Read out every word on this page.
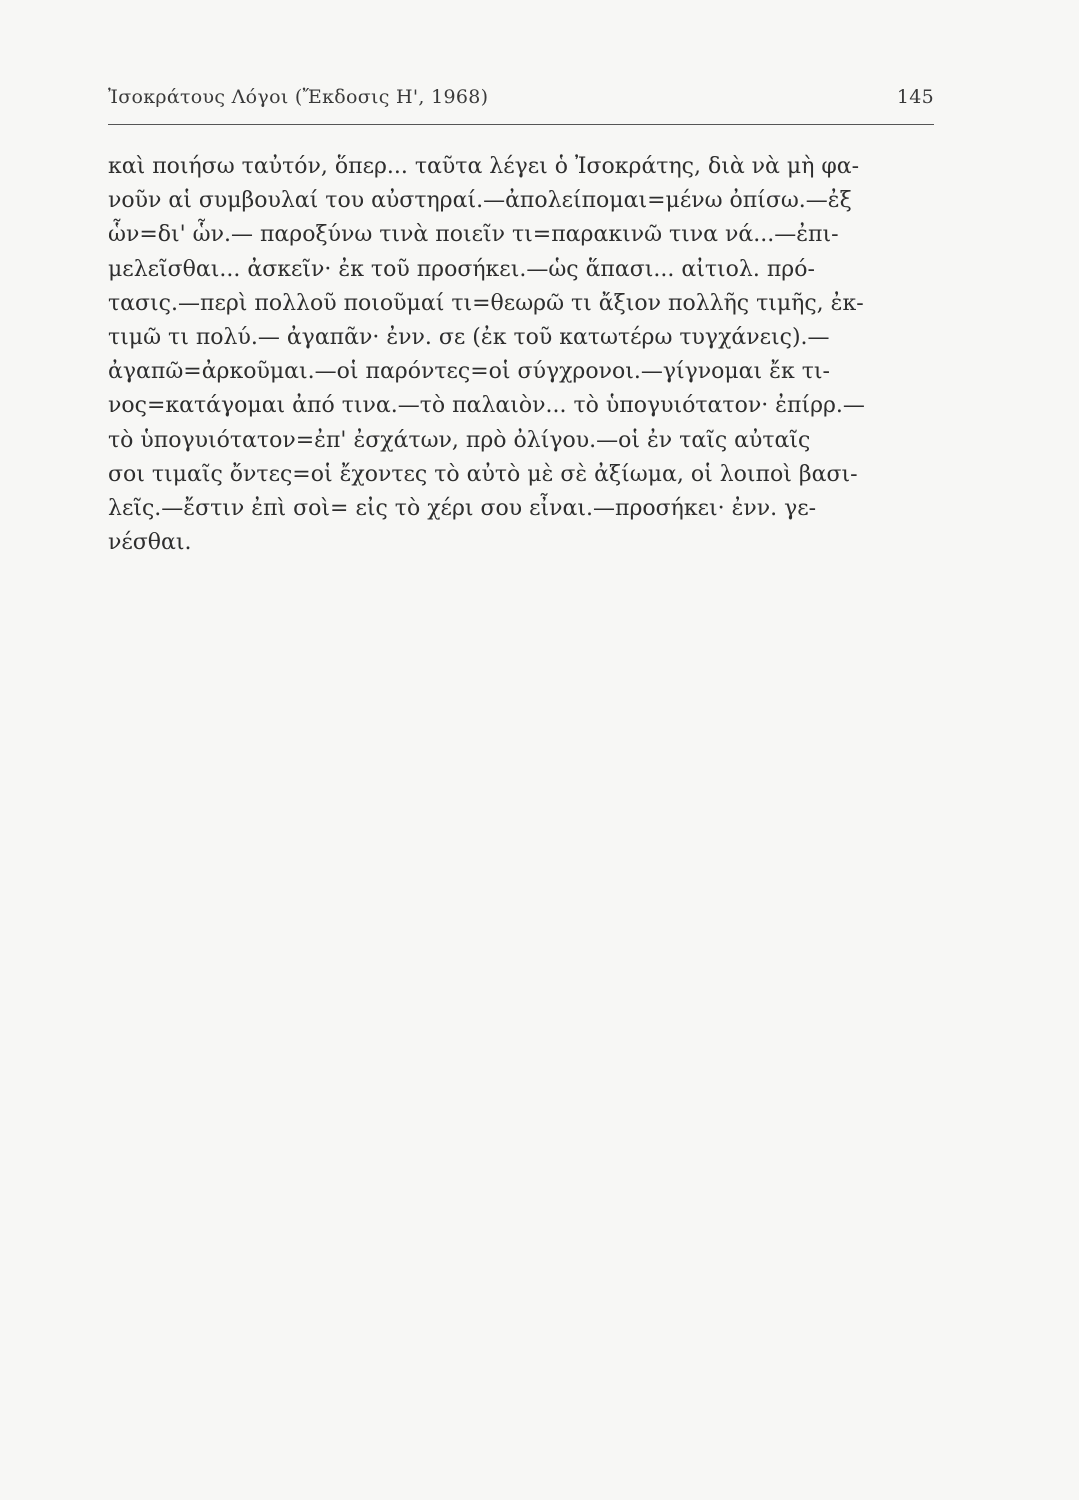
Ἰσοκράτους Λόγοι (Ἔκδοσις Η', 1968)	145
καὶ ποιήσω ταὐτόν, ὅπερ... ταῦτα λέγει ὁ Ἰσοκράτης, διὰ νὰ μὴ φα-
νοῦν αἱ συμβουλαί του αὐστηραί.—ἀπολείπομαι=μένω ὀπίσω.—ἐξ
ὧν=δι' ὧν.— παροξύνω τινὰ ποιεῖν τι=παρακινῶ τινα νά...—ἐπι-
μελεῖσθαι... ἀσκεῖν· ἐκ τοῦ προσήκει.—ὡς ἅπασι... αἰτιολ. πρό-
τασις.—περὶ πολλοῦ ποιοῦμαί τι=θεωρῶ τι ἄξιον πολλῆς τιμῆς, ἐκ-
τιμῶ τι πολύ.— ἀγαπᾶν· ἐνν. σε (ἐκ τοῦ κατωτέρω τυγχάνεις).—
ἀγαπῶ=ἀρκοῦμαι.—οἱ παρόντες=οἱ σύγχρονοι.—γίγνομαι ἔκ τι-
νος=κατάγομαι ἀπό τινα.—τὸ παλαιὸν... τὸ ὑπογυιότατον· ἐπίρρ.—
τὸ ὑπογυιότατον=ἐπ' ἐσχάτων, πρὸ ὀλίγου.—οἱ ἐν ταῖς αὐταῖς
σοι τιμαῖς ὄντες=οἱ ἔχοντες τὸ αὐτὸ μὲ σὲ ἀξίωμα, οἱ λοιποὶ βασι-
λεῖς.—ἔστιν ἐπὶ σοὶ= εἰς τὸ χέρι σου εἶναι.—προσήκει· ἐνν. γε-
νέσθαι.
